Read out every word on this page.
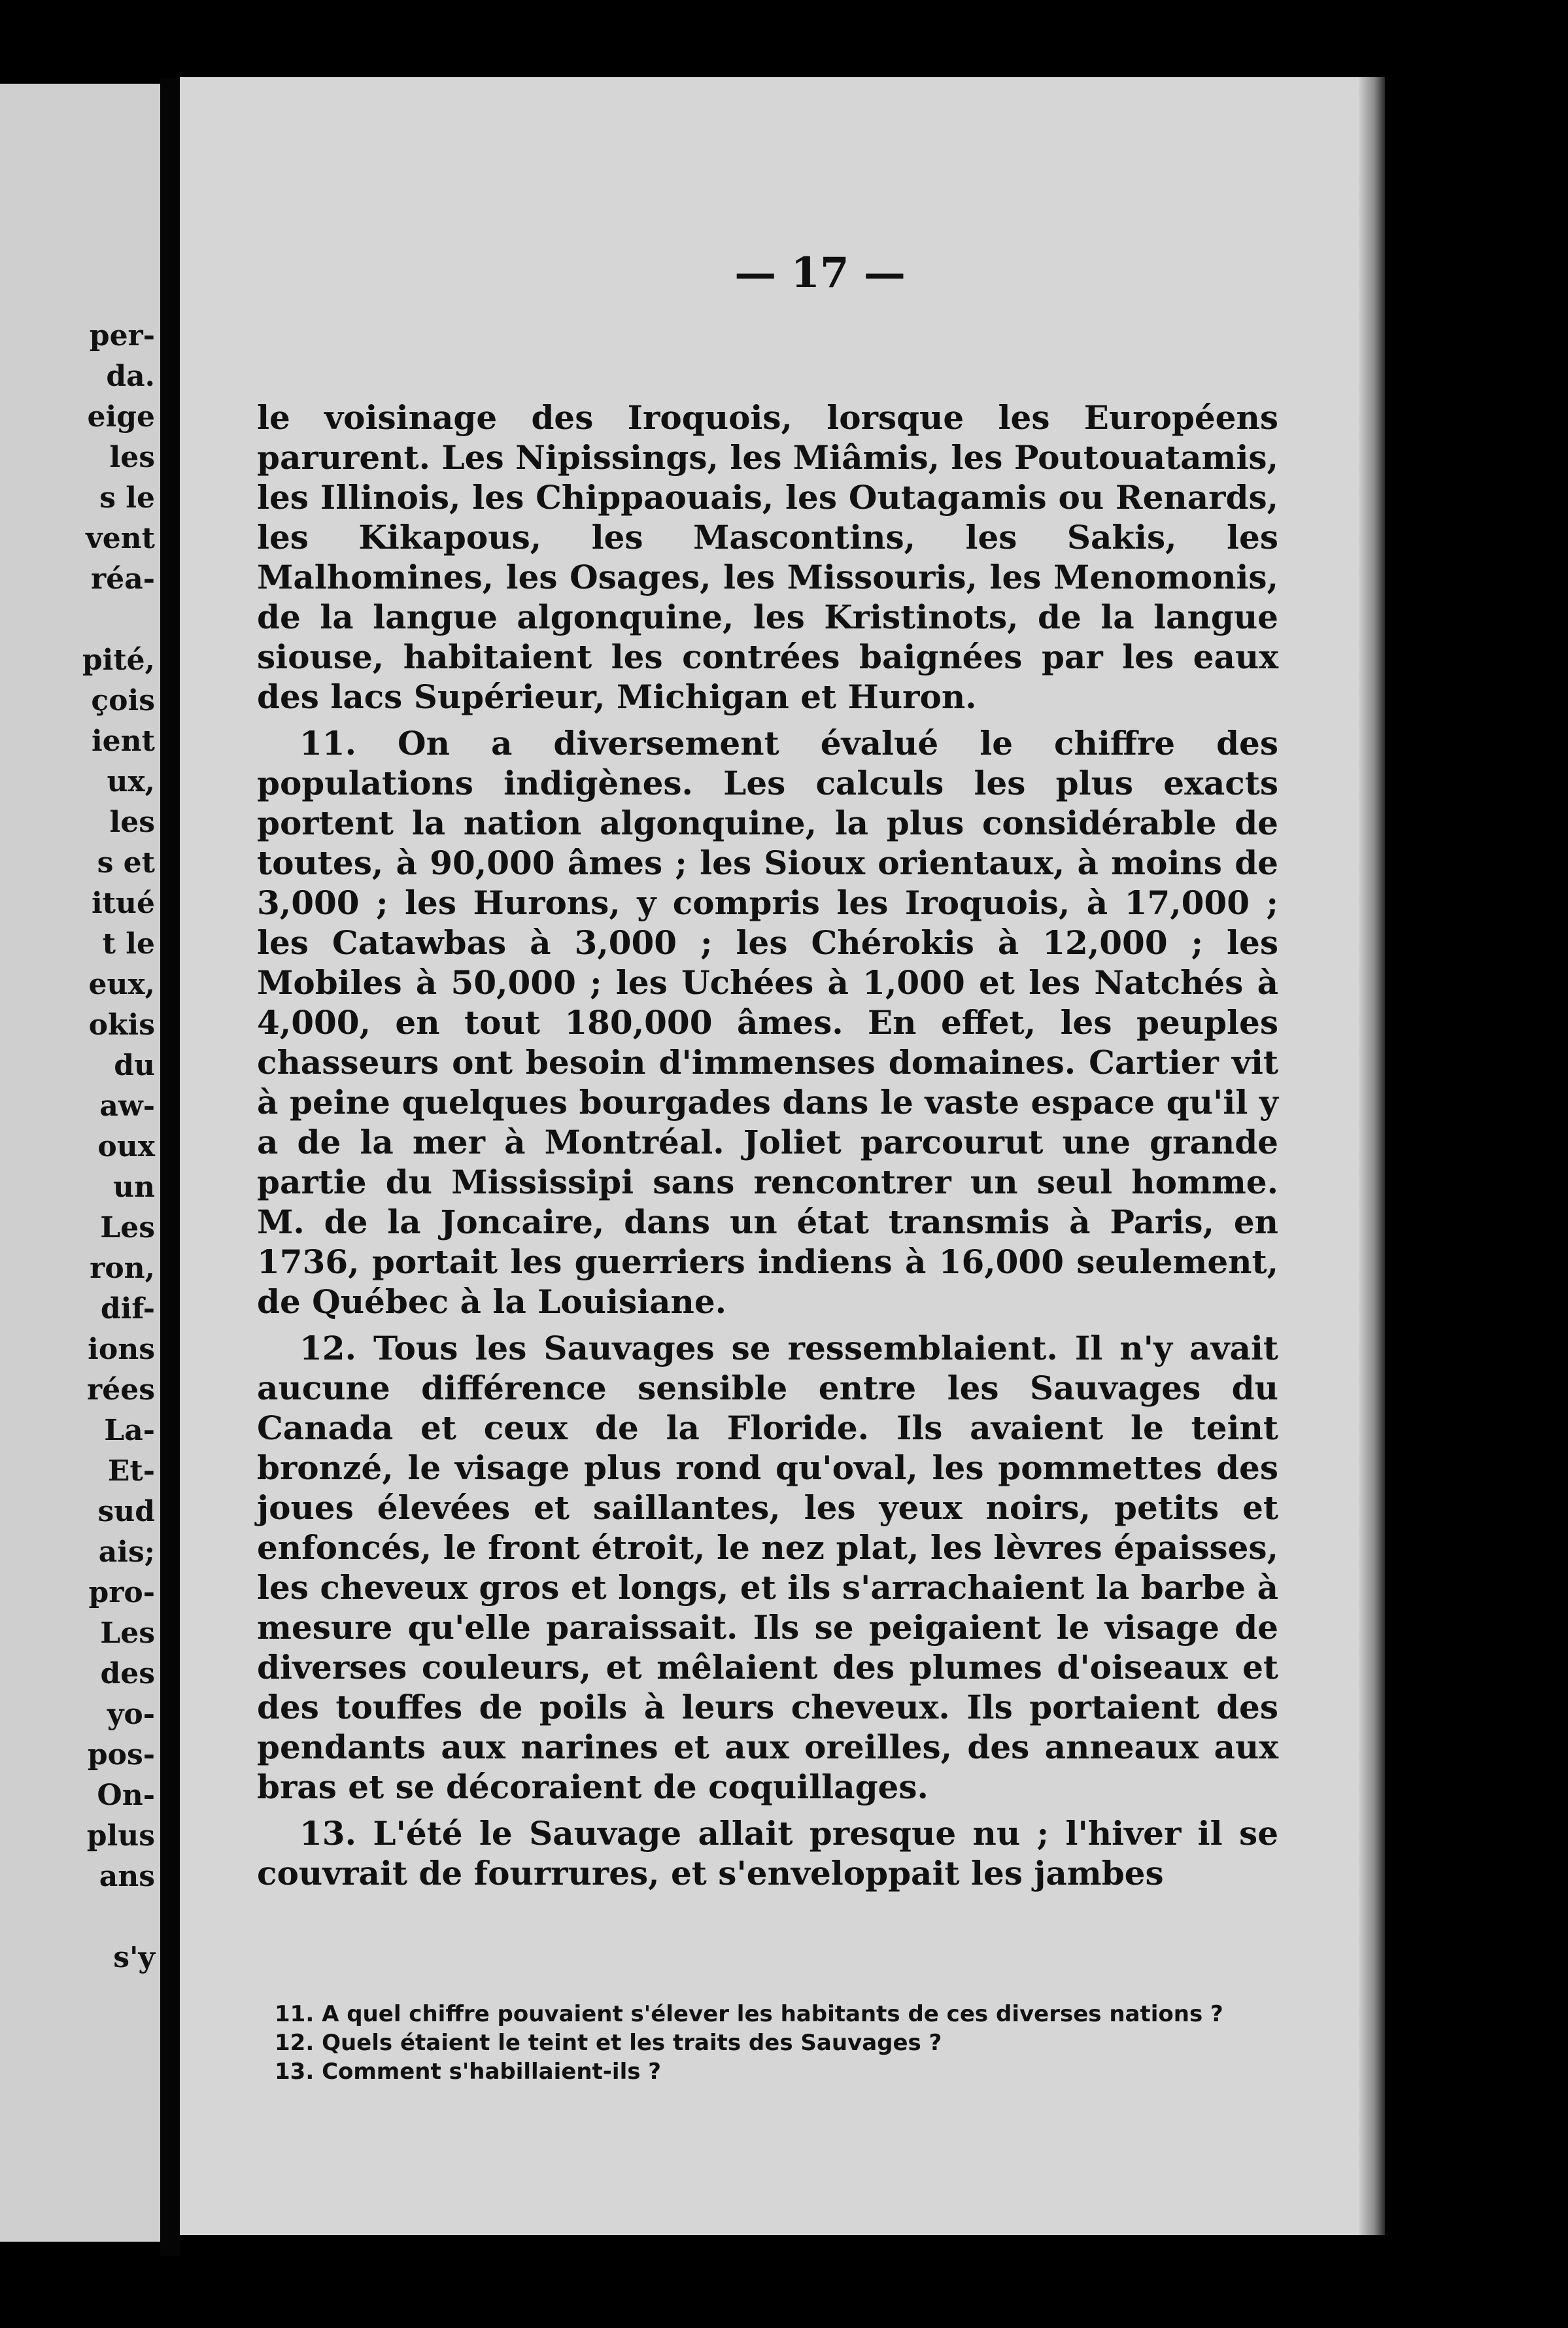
per-
da.
eige
les
s le
vent
réa-
pité,
çois
ient
ux,
les
s et
itué
t le
eux,
okis
du
aw-
oux
un
Les
ron,
dif-
ions
rées
La-
Et-
sud
ais;
pro-
Les
des
yo-
pos-
On-
plus
ans
s'y
— 17 —

le voisinage des Iroquois, lorsque les Européens parurent. Les Nipissings, les Miâmis, les Poutouatamis, les Illinois, les Chippaouais, les Outagamis ou Renards, les Kikapous, les Mascontins, les Sakis, les Malhomines, les Osages, les Missouris, les Menomonis, de la langue algonquine, les Kristinots, de la langue siouse, habitaient les contrées baignées par les eaux des lacs Supérieur, Michigan et Huron.

11. On a diversement évalué le chiffre des populations indigènes. Les calculs les plus exacts portent la nation algonquine, la plus considérable de toutes, à 90,000 âmes ; les Sioux orientaux, à moins de 3,000 ; les Hurons, y compris les Iroquois, à 17,000 ; les Catawbas à 3,000 ; les Chérokis à 12,000 ; les Mobiles à 50,000 ; les Uchées à 1,000 et les Natchés à 4,000, en tout 180,000 âmes. En effet, les peuples chasseurs ont besoin d'immenses domaines. Cartier vit à peine quelques bourgades dans le vaste espace qu'il y a de la mer à Montréal. Joliet parcourut une grande partie du Mississipi sans rencontrer un seul homme. M. de la Joncaire, dans un état transmis à Paris, en 1736, portait les guerriers indiens à 16,000 seulement, de Québec à la Louisiane.

12. Tous les Sauvages se ressemblaient. Il n'y avait aucune différence sensible entre les Sauvages du Canada et ceux de la Floride. Ils avaient le teint bronzé, le visage plus rond qu'oval, les pommettes des joues élevées et saillantes, les yeux noirs, petits et enfoncés, le front étroit, le nez plat, les lèvres épaisses, les cheveux gros et longs, et ils s'arrachaient la barbe à mesure qu'elle paraissait. Ils se peigaient le visage de diverses couleurs, et mêlaient des plumes d'oiseaux et des touffes de poils à leurs cheveux. Ils portaient des pendants aux narines et aux oreilles, des anneaux aux bras et se décoraient de coquillages.

13. L'été le Sauvage allait presque nu ; l'hiver il se couvrait de fourrures, et s'enveloppait les jambes

11. A quel chiffre pouvaient s'élever les habitants de ces diverses nations ?
12. Quels étaient le teint et les traits des Sauvages ?
13. Comment s'habillaient-ils ?
